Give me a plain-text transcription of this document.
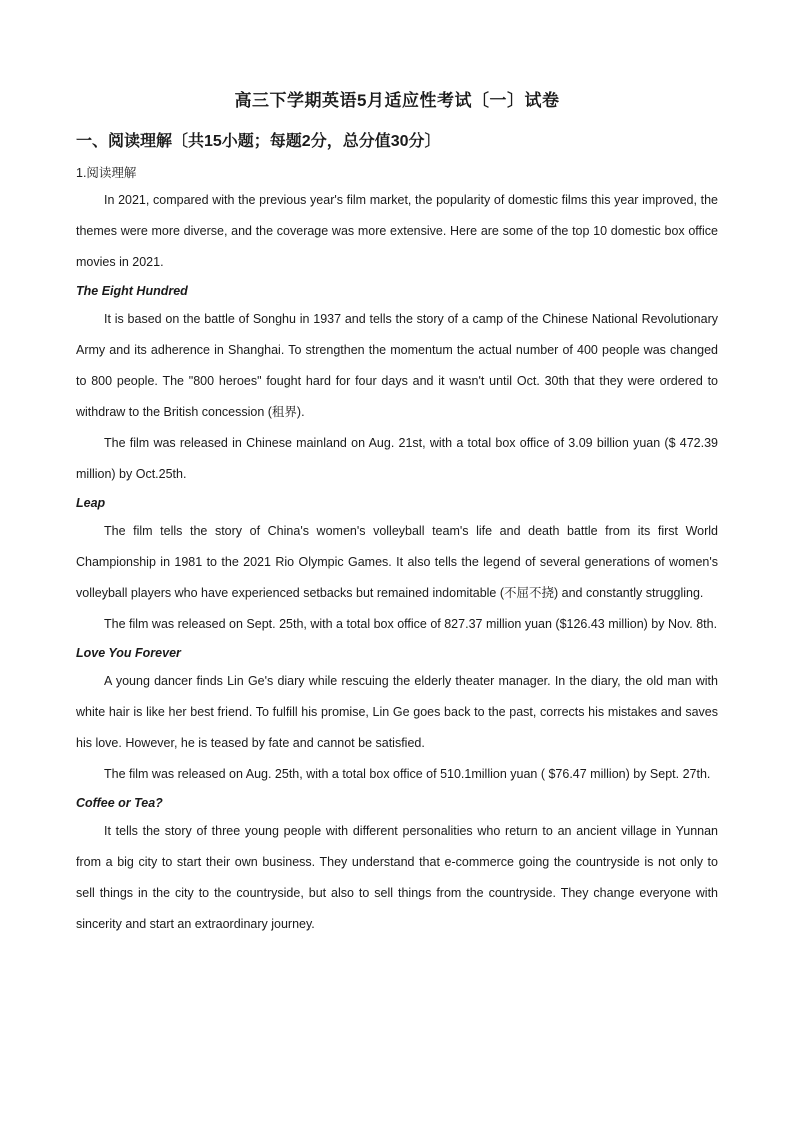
高三下学期英语5月适应性考试〔一〕试卷
一、阅读理解〔共15小题；每题2分，总分值30分〕
1.阅读理解

In 2021, compared with the previous year's film market, the popularity of domestic films this year improved, the themes were more diverse, and the coverage was more extensive. Here are some of the top 10 domestic box office movies in 2021.

The Eight Hundred

It is based on the battle of Songhu in 1937 and tells the story of a camp of the Chinese National Revolutionary Army and its adherence in Shanghai. To strengthen the momentum the actual number of 400 people was changed to 800 people. The "800 heroes" fought hard for four days and it wasn't until Oct. 30th that they were ordered to withdraw to the British concession (租界).

The film was released in Chinese mainland on Aug. 21st, with a total box office of 3.09 billion yuan ($ 472.39 million) by Oct.25th.

Leap

The film tells the story of China's women's volleyball team's life and death battle from its first World Championship in 1981 to the 2021 Rio Olympic Games. It also tells the legend of several generations of women's volleyball players who have experienced setbacks but remained indomitable (不屈不挠) and constantly struggling.

The film was released on Sept. 25th, with a total box office of 827.37 million yuan ($126.43 million) by Nov. 8th.

Love You Forever

A young dancer finds Lin Ge's diary while rescuing the elderly theater manager. In the diary, the old man with white hair is like her best friend. To fulfill his promise, Lin Ge goes back to the past, corrects his mistakes and saves his love. However, he is teased by fate and cannot be satisfied.

The film was released on Aug. 25th, with a total box office of 510.1million yuan ( $76.47 million) by Sept. 27th.

Coffee or Tea?

It tells the story of three young people with different personalities who return to an ancient village in Yunnan from a big city to start their own business. They understand that e-commerce going the countryside is not only to sell things in the city to the countryside, but also to sell things from the countryside. They change everyone with sincerity and start an extraordinary journey.
